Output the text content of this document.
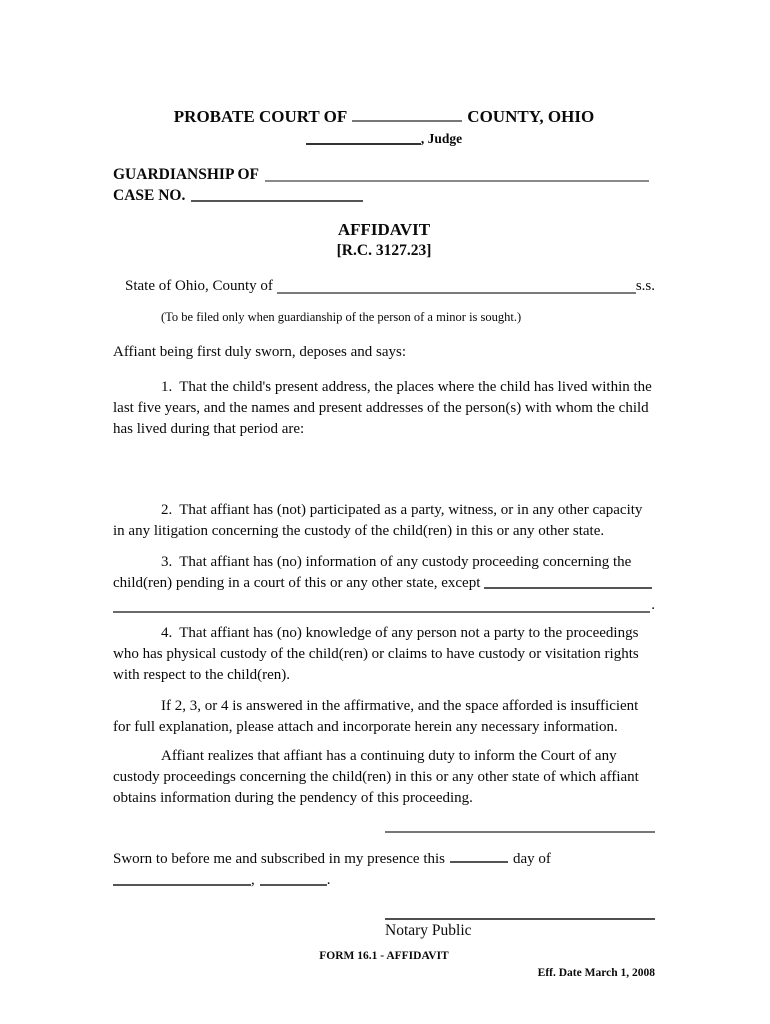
PROBATE COURT OF	COUNTY, OHIO
, Judge
GUARDIANSHIP OF
CASE NO.
AFFIDAVIT
[R.C. 3127.23]
State of Ohio, County of	s.s.
(To be filed only when guardianship of the person of a minor is sought.)
Affiant being first duly sworn, deposes and says:

1. That the child's present address, the places where the child has lived within the last five years, and the names and present addresses of the person(s) with whom the child has lived during that period are:

2. That affiant has (not) participated as a party, witness, or in any other capacity in any litigation concerning the custody of the child(ren) in this or any other state.

3. That affiant has (no) information of any custody proceeding concerning the child(ren) pending in a court of this or any other state, except

.

4. That affiant has (no) knowledge of any person not a party to the proceedings who has physical custody of the child(ren) or claims to have custody or visitation rights with respect to the child(ren).

If 2, 3, or 4 is answered in the affirmative, and the space afforded is insufficient for full explanation, please attach and incorporate herein any necessary information.

Affiant realizes that affiant has a continuing duty to inform the Court of any custody proceedings concerning the child(ren) in this or any other state of which affiant obtains information during the pendency of this proceeding.

Sworn to before me and subscribed in my presence this	day of
,	.
Notary Public
FORM 16.1 - AFFIDAVIT
Eff. Date March 1, 2008
